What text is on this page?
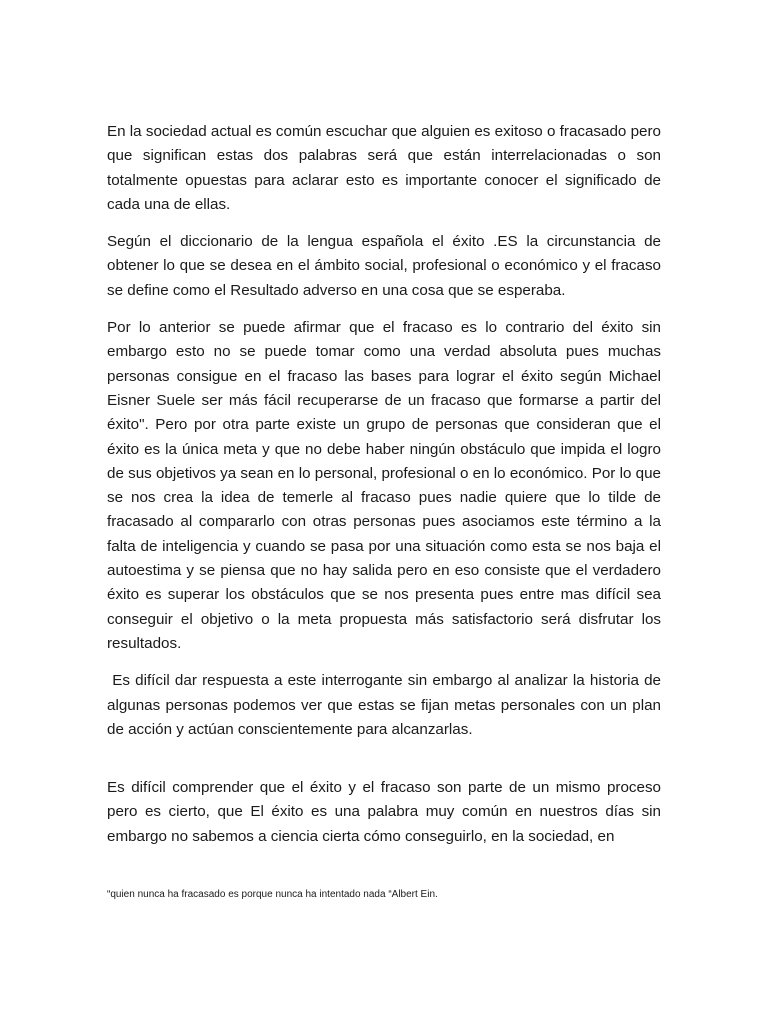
En la sociedad actual es común escuchar que alguien es exitoso o fracasado pero que significan estas dos palabras será que están interrelacionadas o son totalmente opuestas para aclarar esto es importante conocer el significado de cada una de ellas.

Según el diccionario de la lengua española el éxito .ES la circunstancia de obtener lo que se desea en el ámbito social, profesional o económico y el fracaso se define como el Resultado adverso en una cosa que se esperaba.

Por lo anterior se puede afirmar que el fracaso es lo contrario del éxito sin embargo esto no se puede tomar como una verdad absoluta pues muchas personas consigue en el fracaso las bases para lograr el éxito según Michael Eisner Suele ser más fácil recuperarse de un fracaso que formarse a partir del éxito". Pero por otra parte existe un grupo de personas que consideran que el éxito es la única meta y que no debe haber ningún obstáculo que impida el logro de sus objetivos ya sean en lo personal, profesional o en lo económico. Por lo que se nos crea la idea de temerle al fracaso pues nadie quiere que lo tilde de fracasado al compararlo con otras personas pues asociamos este término a la falta de inteligencia y cuando se pasa por una situación como esta se nos baja el autoestima y se piensa que no hay salida pero en eso consiste que el verdadero éxito es superar los obstáculos que se nos presenta pues entre mas difícil sea conseguir el objetivo o la meta propuesta más satisfactorio será disfrutar los resultados.

Es difícil dar respuesta a este interrogante sin embargo al analizar la historia de algunas personas podemos ver que estas se fijan metas personales con un plan de acción y actúan conscientemente para alcanzarlas.

Es difícil comprender que el éxito y el fracaso son parte de un mismo proceso pero es cierto, que El éxito es una palabra muy común en nuestros días sin embargo no sabemos a ciencia cierta cómo conseguirlo, en la sociedad, en

“quien nunca ha fracasado es porque nunca ha intentado nada “Albert Ein.
